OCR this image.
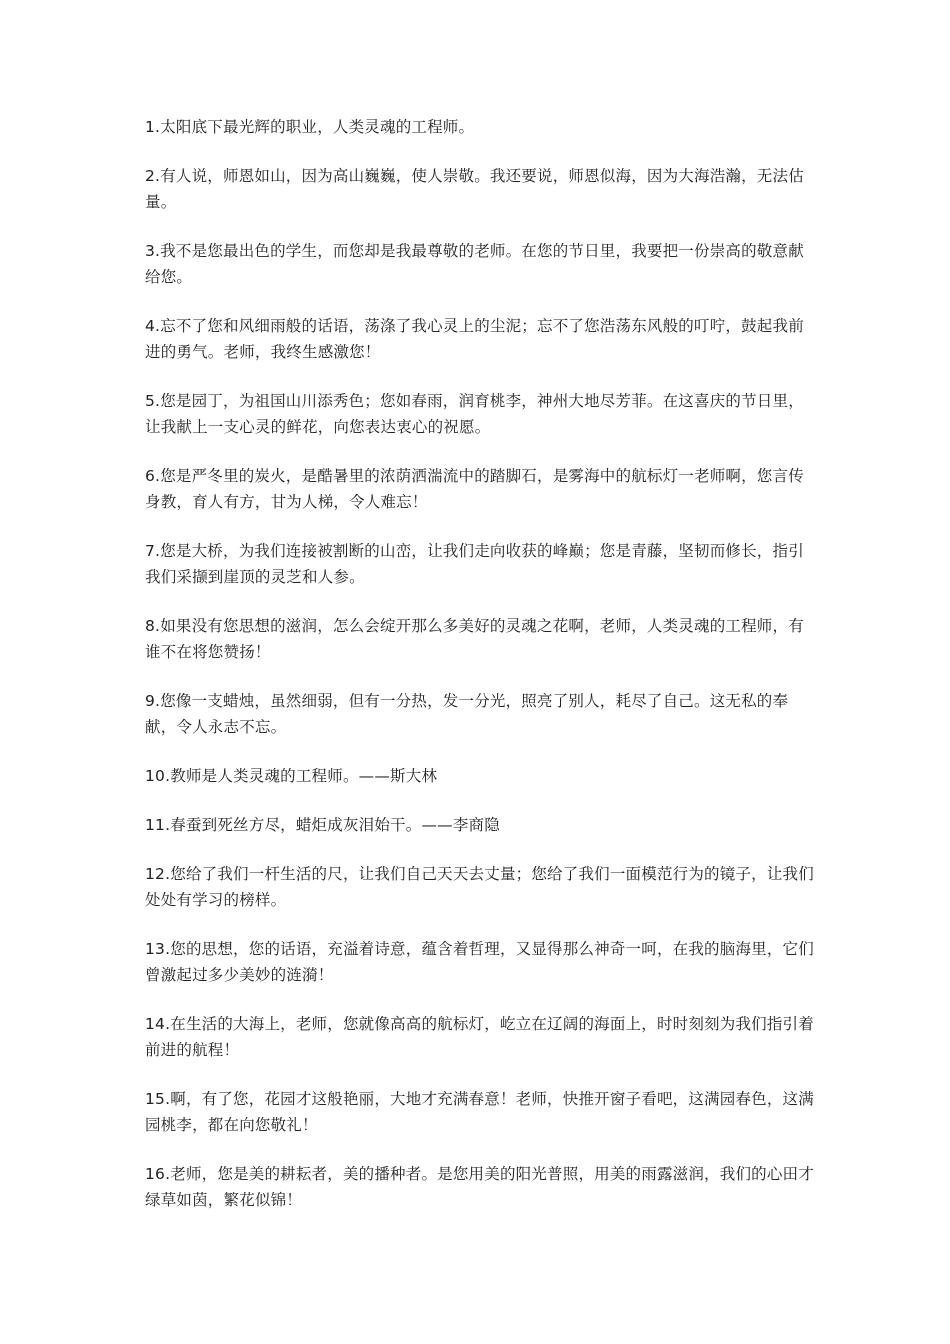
1.太阳底下最光辉的职业，人类灵魂的工程师。

2.有人说，师恩如山，因为高山巍巍，使人崇敬。我还要说，师恩似海，因为大海浩瀚，无法估量。

3.我不是您最出色的学生，而您却是我最尊敬的老师。在您的节日里，我要把一份崇高的敬意献给您。

4.忘不了您和风细雨般的话语，荡涤了我心灵上的尘泥；忘不了您浩荡东风般的叮咛，鼓起我前进的勇气。老师，我终生感激您！

5.您是园丁，为祖国山川添秀色；您如春雨，润育桃李，神州大地尽芳菲。在这喜庆的节日里，让我献上一支心灵的鲜花，向您表达衷心的祝愿。

6.您是严冬里的炭火，是酷暑里的浓荫洒湍流中的踏脚石，是雾海中的航标灯一老师啊，您言传身教，育人有方，甘为人梯，令人难忘！

7.您是大桥，为我们连接被割断的山峦，让我们走向收获的峰巅；您是青藤，坚韧而修长，指引我们采撷到崖顶的灵芝和人参。

8.如果没有您思想的滋润，怎么会绽开那么多美好的灵魂之花啊，老师，人类灵魂的工程师，有谁不在将您赞扬！

9.您像一支蜡烛，虽然细弱，但有一分热，发一分光，照亮了别人，耗尽了自己。这无私的奉献，令人永志不忘。

10.教师是人类灵魂的工程师。——斯大林

11.春蚕到死丝方尽，蜡炬成灰泪始干。——李商隐

12.您给了我们一杆生活的尺，让我们自己天天去丈量；您给了我们一面模范行为的镜子，让我们处处有学习的榜样。

13.您的思想，您的话语，充溢着诗意，蕴含着哲理，又显得那么神奇一呵，在我的脑海里，它们曾激起过多少美妙的涟漪！

14.在生活的大海上，老师，您就像高高的航标灯，屹立在辽阔的海面上，时时刻刻为我们指引着前进的航程！

15.啊，有了您，花园才这般艳丽，大地才充满春意！老师，快推开窗子看吧，这满园春色，这满园桃李，都在向您敬礼！

16.老师，您是美的耕耘者，美的播种者。是您用美的阳光普照，用美的雨露滋润，我们的心田才绿草如茵，繁花似锦！
